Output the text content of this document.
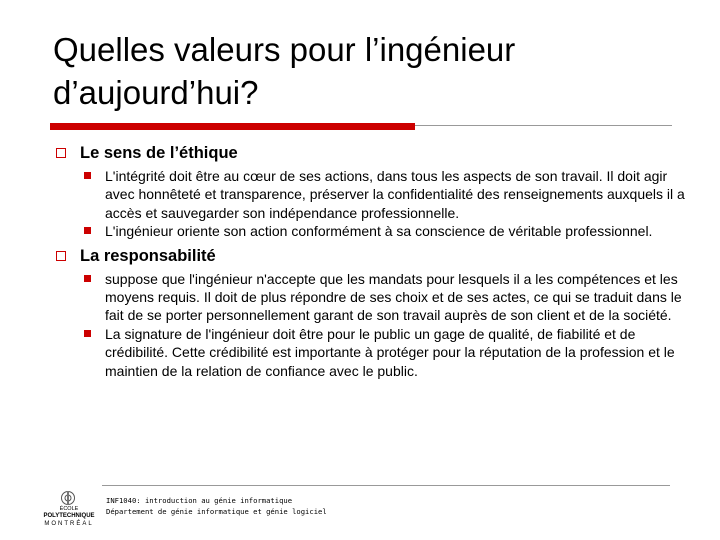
Quelles valeurs pour l’ingénieur
d’aujourd’hui?
Le sens de l’éthique
L'intégrité doit être au cœur de ses actions, dans tous les aspects de son travail. Il doit agir avec honnêteté et transparence, préserver la confidentialité des renseignements auxquels il a accès et sauvegarder son indépendance professionnelle.
L'ingénieur oriente son action conformément à sa conscience de véritable professionnel.
La responsabilité
suppose que l'ingénieur n'accepte que les mandats pour lesquels il a les compétences et les moyens requis. Il doit de plus répondre de ses choix et de ses actes, ce qui se traduit dans le fait de se porter personnellement garant de son travail auprès de son client et de la société.
La signature de l'ingénieur doit être pour le public un gage de qualité, de fiabilité et de crédibilité. Cette crédibilité est importante à protéger pour la réputation de la profession et le maintien de la relation de confiance avec le public.
ÉCOLE
POLYTECHNIQUE
MONTRÉAL
INF1040: introduction au génie informatique
Département de génie informatique et génie logiciel
